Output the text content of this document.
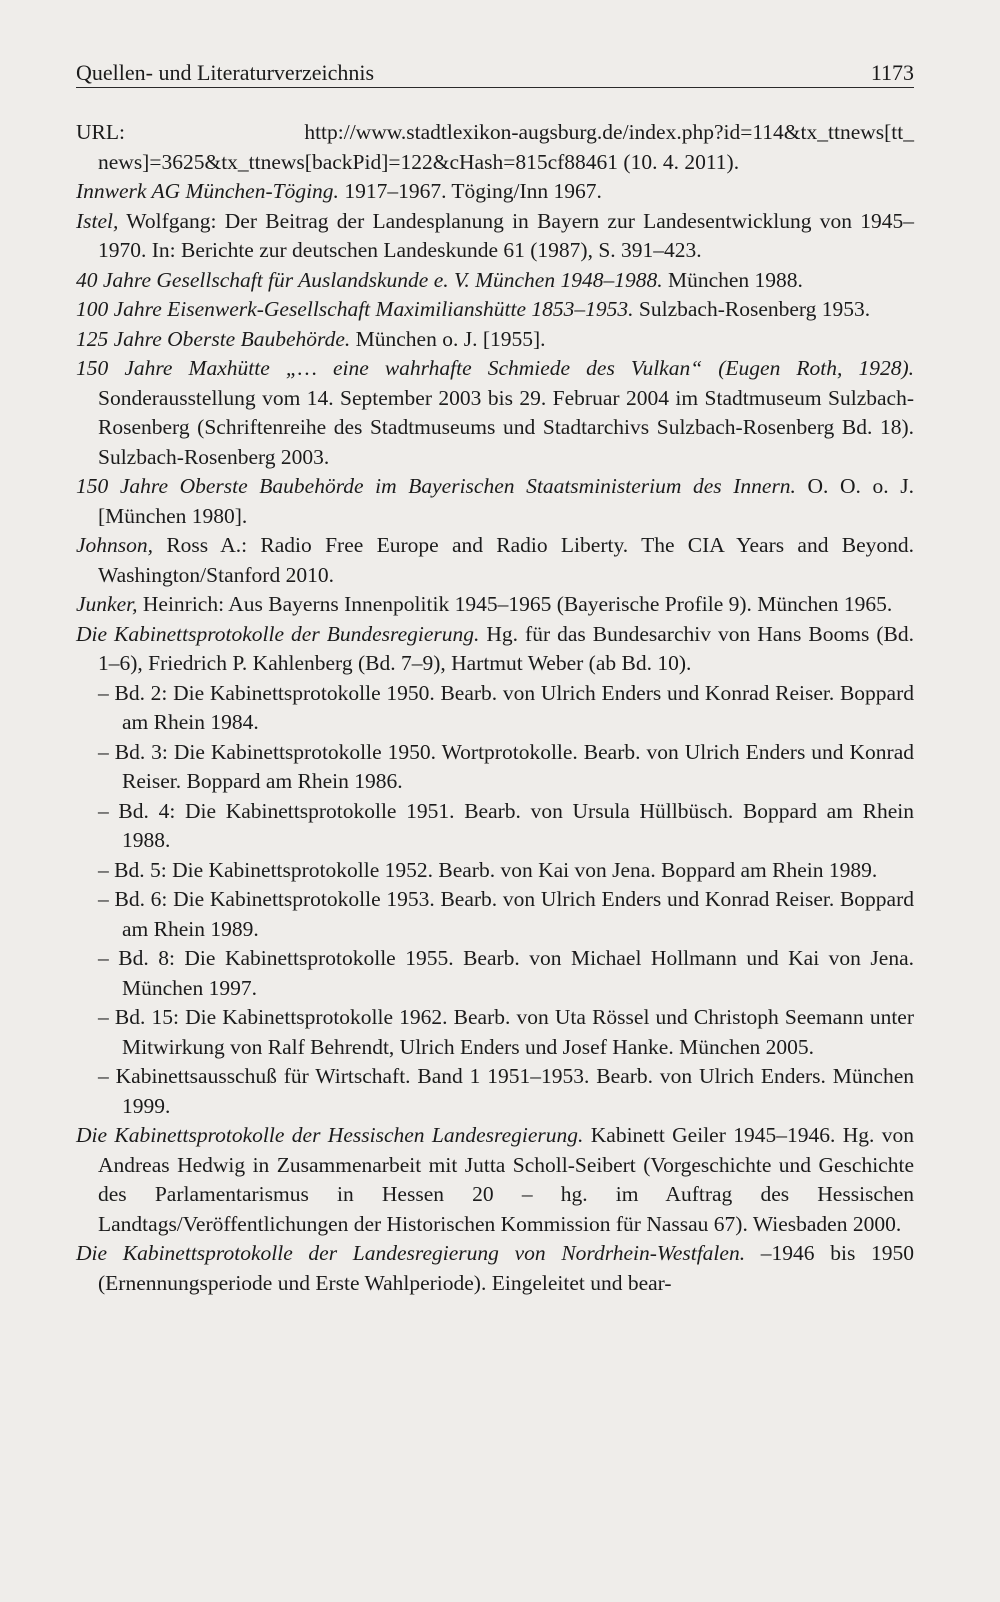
Quellen- und Literaturverzeichnis	1173
URL:	http://www.stadtlexikon-augsburg.de/index.php?id=114&tx_ttnews[tt_

news]=3625&tx_ttnews[backPid]=122&cHash=815cf88461 (10. 4. 2011).

Innwerk AG München-Töging. 1917–1967. Töging/Inn 1967.

Istel, Wolfgang: Der Beitrag der Landesplanung in Bayern zur Landesentwicklung von 1945–1970. In: Berichte zur deutschen Landeskunde 61 (1987), S. 391–423.

40 Jahre Gesellschaft für Auslandskunde e. V. München 1948–1988. München 1988.

100 Jahre Eisenwerk-Gesellschaft Maximilianshütte 1853–1953. Sulzbach-Rosenberg 1953.

125 Jahre Oberste Baubehörde. München o. J. [1955].

150 Jahre Maxhütte „… eine wahrhafte Schmiede des Vulkan“ (Eugen Roth, 1928). Sonderausstellung vom 14. September 2003 bis 29. Februar 2004 im Stadtmuseum Sulzbach-Rosenberg (Schriftenreihe des Stadtmuseums und Stadtarchivs Sulzbach-Rosenberg Bd. 18). Sulzbach-Rosenberg 2003.

150 Jahre Oberste Baubehörde im Bayerischen Staatsministerium des Innern. O. O. o. J. [München 1980].

Johnson, Ross A.: Radio Free Europe and Radio Liberty. The CIA Years and Beyond. Washington/Stanford 2010.

Junker, Heinrich: Aus Bayerns Innenpolitik 1945–1965 (Bayerische Profile 9). München 1965.

Die Kabinettsprotokolle der Bundesregierung. Hg. für das Bundesarchiv von Hans Booms (Bd. 1–6), Friedrich P. Kahlenberg (Bd. 7–9), Hartmut Weber (ab Bd. 10).

– Bd. 2: Die Kabinettsprotokolle 1950. Bearb. von Ulrich Enders und Konrad Reiser. Boppard am Rhein 1984.

– Bd. 3: Die Kabinettsprotokolle 1950. Wortprotokolle. Bearb. von Ulrich Enders und Konrad Reiser. Boppard am Rhein 1986.

– Bd. 4: Die Kabinettsprotokolle 1951. Bearb. von Ursula Hüllbüsch. Boppard am Rhein 1988.

– Bd. 5: Die Kabinettsprotokolle 1952. Bearb. von Kai von Jena. Boppard am Rhein 1989.

– Bd. 6: Die Kabinettsprotokolle 1953. Bearb. von Ulrich Enders und Konrad Reiser. Boppard am Rhein 1989.

– Bd. 8: Die Kabinettsprotokolle 1955. Bearb. von Michael Hollmann und Kai von Jena. München 1997.

– Bd. 15: Die Kabinettsprotokolle 1962. Bearb. von Uta Rössel und Christoph Seemann unter Mitwirkung von Ralf Behrendt, Ulrich Enders und Josef Hanke. München 2005.

– Kabinettsausschuß für Wirtschaft. Band 1 1951–1953. Bearb. von Ulrich Enders. München 1999.

Die Kabinettsprotokolle der Hessischen Landesregierung. Kabinett Geiler 1945–1946. Hg. von Andreas Hedwig in Zusammenarbeit mit Jutta Scholl-Seibert (Vorgeschichte und Geschichte des Parlamentarismus in Hessen 20 – hg. im Auftrag des Hessischen Landtags/Veröffentlichungen der Historischen Kommission für Nassau 67). Wiesbaden 2000.

Die Kabinettsprotokolle der Landesregierung von Nordrhein-Westfalen. –1946 bis 1950 (Ernennungsperiode und Erste Wahlperiode). Eingeleitet und bear-
